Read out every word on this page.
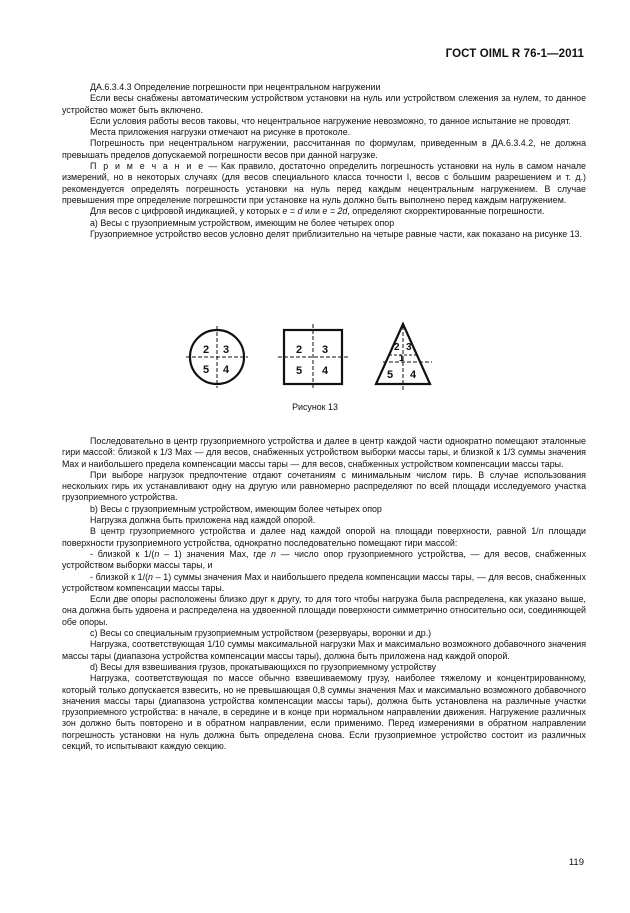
ГОСТ OIML R 76-1—2011

ДА.6.3.4.3 Определение погрешности при нецентральном нагружении

Если весы снабжены автоматическим устройством установки на нуль или устройством слежения за нулем, то данное устройство может быть включено.

Если условия работы весов таковы, что нецентральное нагружение невозможно, то данное испытание не проводят.

Места приложения нагрузки отмечают на рисунке в протоколе.

Погрешность при нецентральном нагружении, рассчитанная по формулам, приведенным в ДА.6.3.4.2, не должна превышать пределов допускаемой погрешности весов при данной нагрузке.

П р и м е ч а н и е — Как правило, достаточно определить погрешность установки на нуль в самом начале измерений, но в некоторых случаях (для весов специального класса точности I, весов с большим разрешением и т. д.) рекомендуется определять погрешность установки на нуль перед каждым нецентральным нагружением. В случае превышения mpe определение погрешности при установке на нуль должно быть выполнено перед каждым нагружением.

Для весов с цифровой индикацией, у которых e = d или e = 2d, определяют скорректированные погрешности.

а) Весы с грузоприемным устройством, имеющим не более четырех опор

Грузоприемное устройство весов условно делят приблизительно на четыре равные части, как показано на рисунке 13.

2 3
5 4
2 3
5 4
2 3
1
5 4
Рисунок 13

Последовательно в центр грузоприемного устройства и далее в центр каждой части однократно помещают эталонные гири массой: близкой к 1/3 Max — для весов, снабженных устройством выборки массы тары, и близкой к 1/3 суммы значения Max и наибольшего предела компенсации массы тары — для весов, снабженных устройством компенсации массы тары.

При выборе нагрузок предпочтение отдают сочетаниям с минимальным числом гирь. В случае использования нескольких гирь их устанавливают одну на другую или равномерно распределяют по всей площади исследуемого участка грузоприемного устройства.

b) Весы с грузоприемным устройством, имеющим более четырех опор

Нагрузка должна быть приложена над каждой опорой.

В центр грузоприемного устройства и далее над каждой опорой на площади поверхности, равной 1/n площади поверхности грузоприемного устройства, однократно последовательно помещают гири массой:

- близкой к 1/(n – 1) значения Max, где n — число опор грузоприемного устройства, — для весов, снабженных устройством выборки массы тары, и

- близкой к 1/(n – 1) суммы значения Max и наибольшего предела компенсации массы тары, — для весов, снабженных устройством компенсации массы тары.

Если две опоры расположены близко друг к другу, то для того чтобы нагрузка была распределена, как указано выше, она должна быть удвоена и распределена на удвоенной площади поверхности симметрично относительно оси, соединяющей обе опоры.

c) Весы со специальным грузоприемным устройством (резервуары, воронки и др.)

Нагрузка, соответствующая 1/10 суммы максимальной нагрузки Max и максимально возможного добавочного значения массы тары (диапазона устройства компенсации массы тары), должна быть приложена над каждой опорой.

d) Весы для взвешивания грузов, прокатывающихся по грузоприемному устройству

Нагрузка, соответствующая по массе обычно взвешиваемому грузу, наиболее тяжелому и концентрированному, который только допускается взвесить, но не превышающая 0,8 суммы значения Max и максимально возможного добавочного значения массы тары (диапазона устройства компенсации массы тары), должна быть установлена на различные участки грузоприемного устройства: в начале, в середине и в конце при нормальном направлении движения. Нагружение различных зон должно быть повторено и в обратном направлении, если применимо. Перед измерениями в обратном направлении погрешность установки на нуль должна быть определена снова. Если грузоприемное устройство состоит из различных секций, то испытывают каждую секцию.

119
